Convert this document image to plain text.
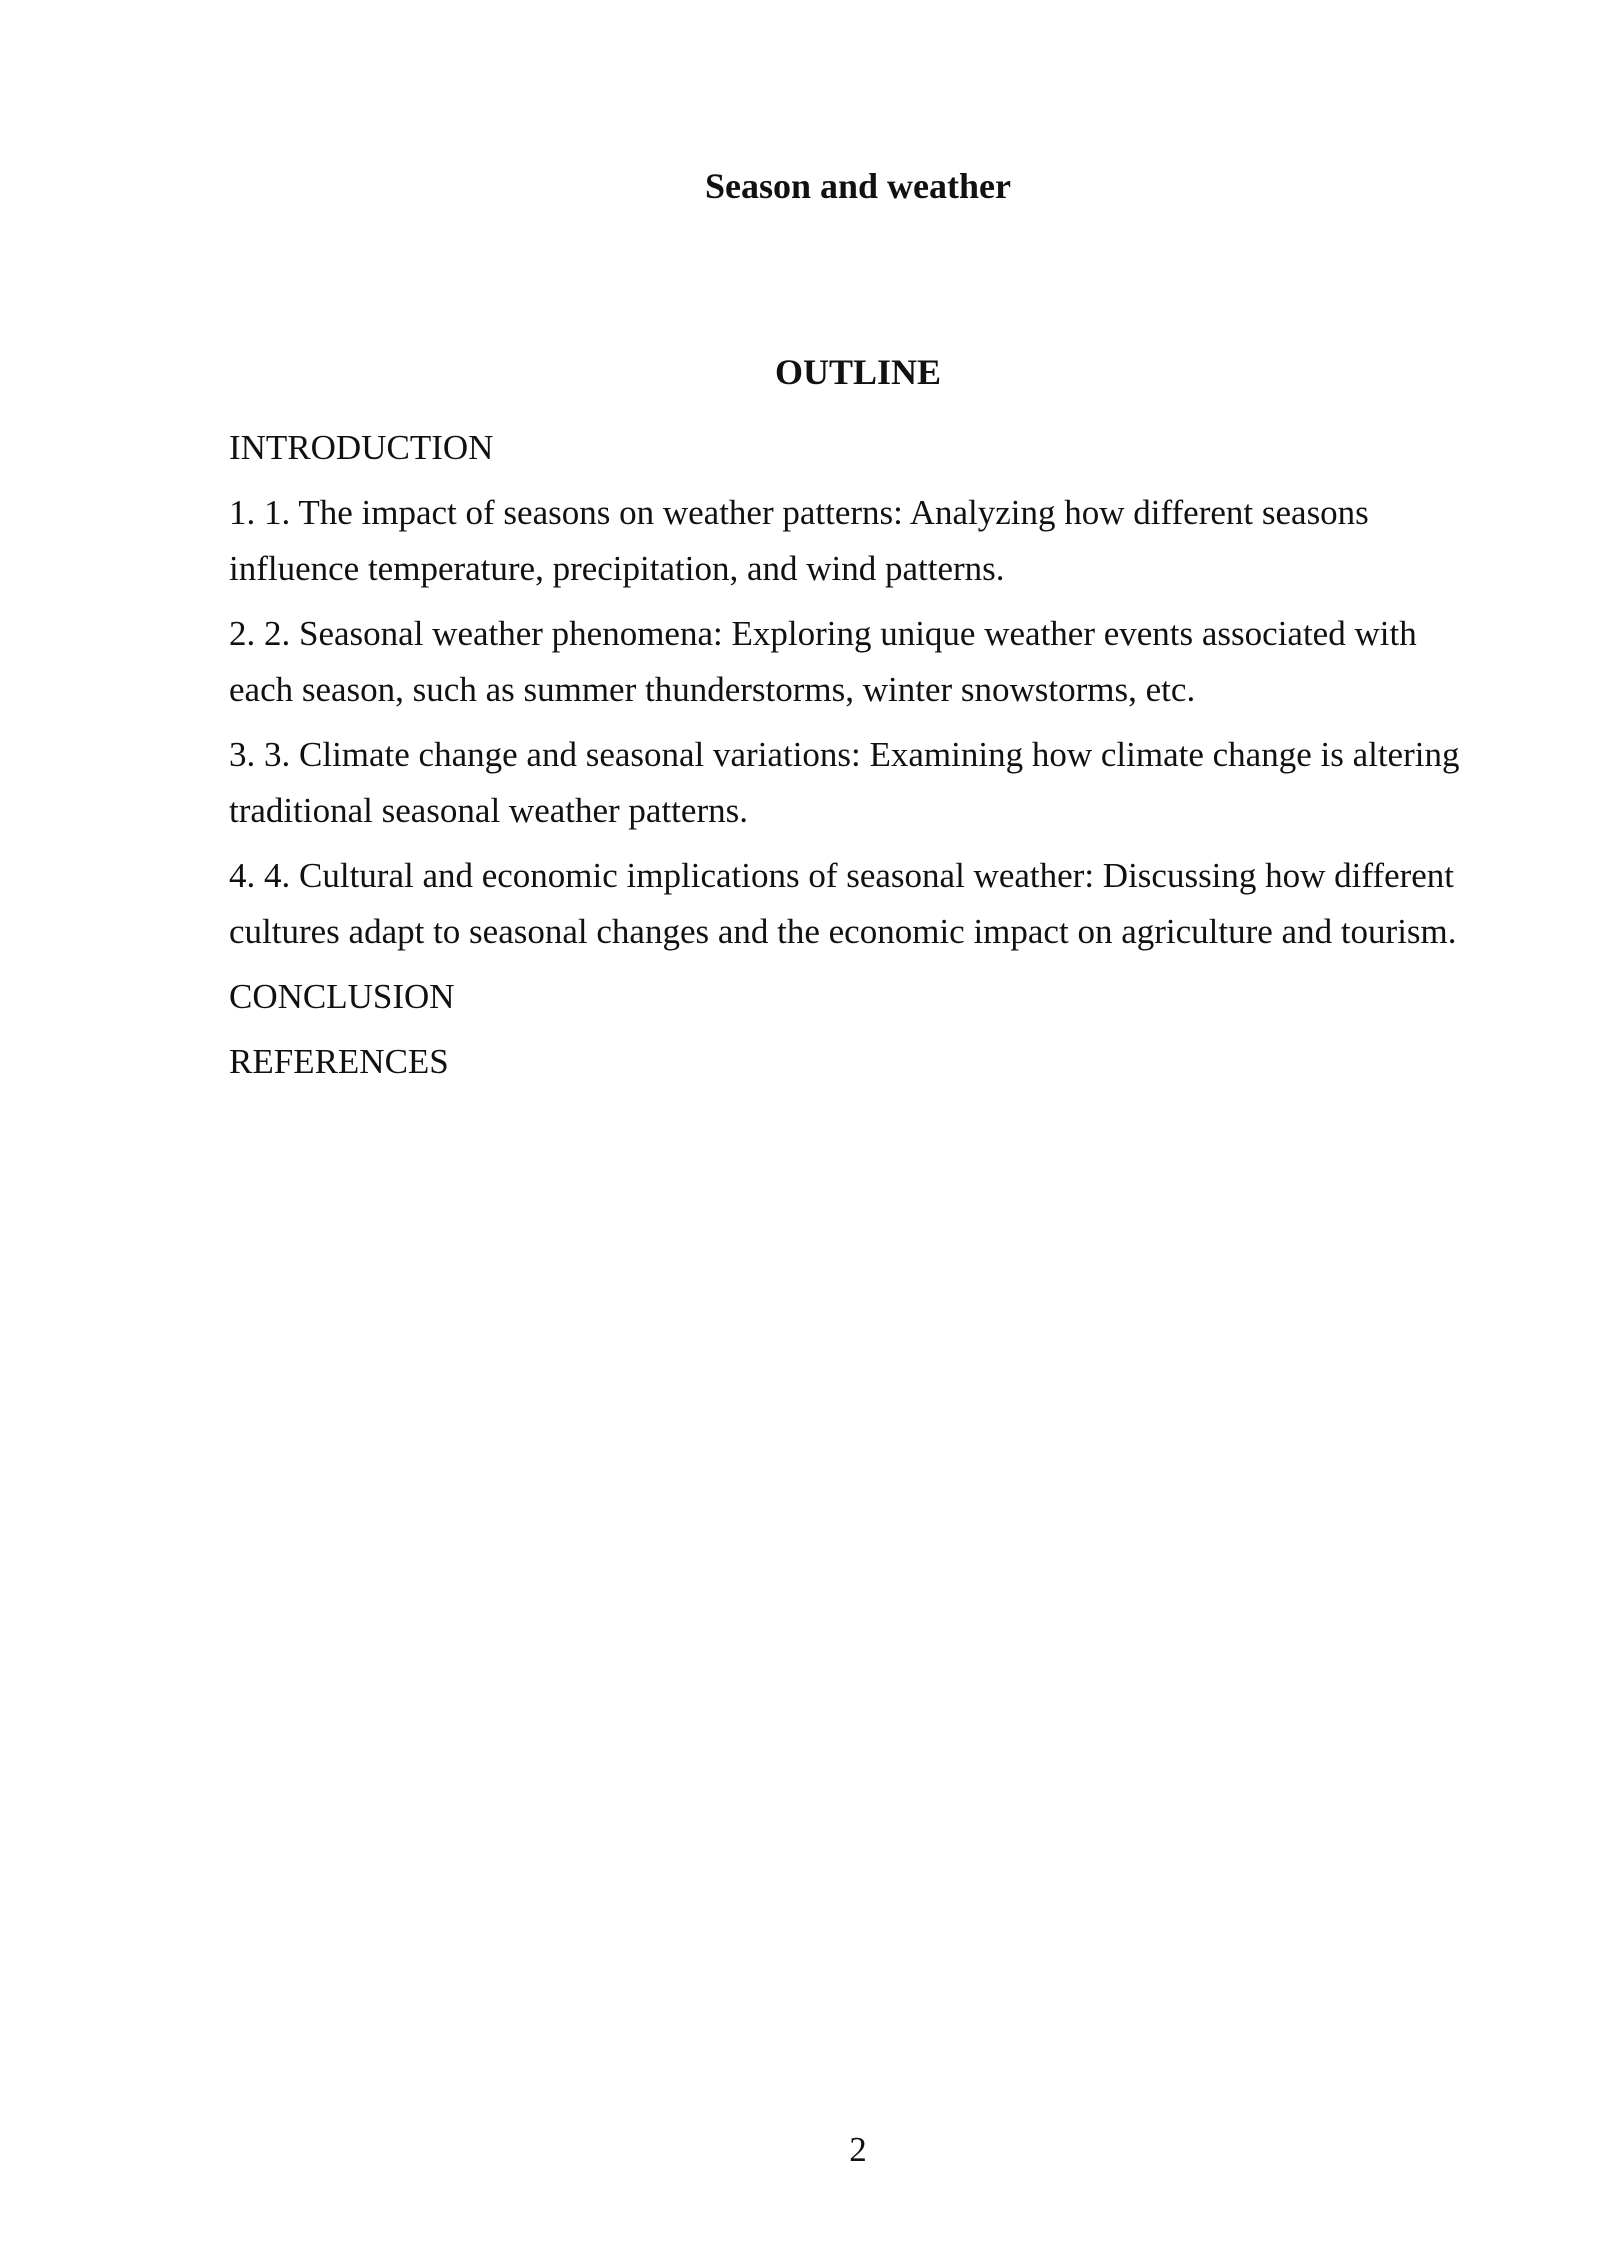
Season and weather
OUTLINE

INTRODUCTION

1. 1. The impact of seasons on weather patterns: Analyzing how different seasons influence temperature, precipitation, and wind patterns.

2. 2. Seasonal weather phenomena: Exploring unique weather events associated with each season, such as summer thunderstorms, winter snowstorms, etc.

3. 3. Climate change and seasonal variations: Examining how climate change is altering traditional seasonal weather patterns.

4. 4. Cultural and economic implications of seasonal weather: Discussing how different cultures adapt to seasonal changes and the economic impact on agriculture and tourism.

CONCLUSION

REFERENCES

2
